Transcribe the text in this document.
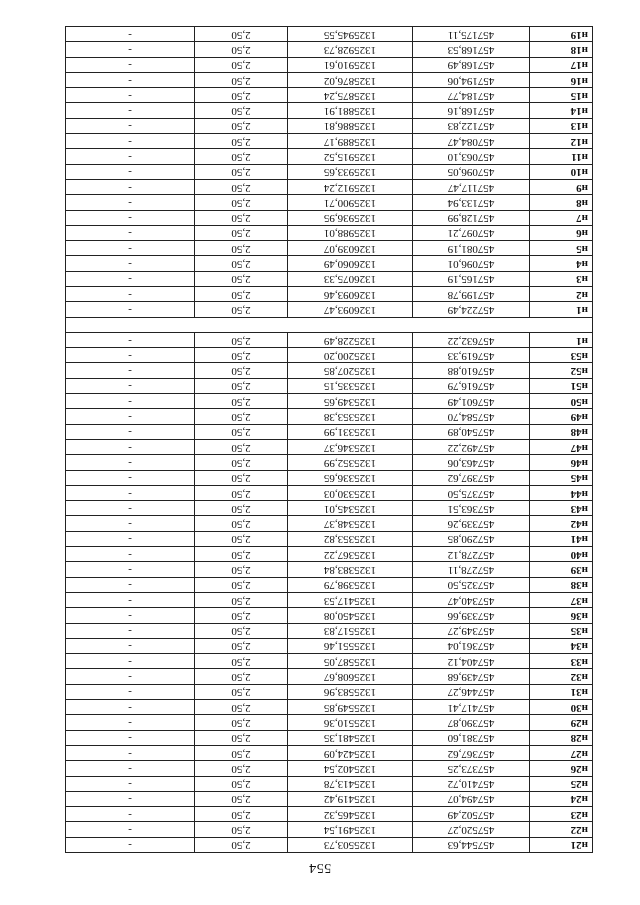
554
н21	457544,63	1325503,73	2,50	-
н22	457520,27	1325491,54	2,50	-
н23	457502,49	1325465,32	2,50	-
н24	457494,07	1325419,42	2,50	-
н25	457410,72	1325413,78	2,50	-
н26	457373,25	1325402,54	2,50	-
н27	457367,62	1325424,09	2,50	-
н28	457381,60	1325481,35	2,50	-
н29	457390,87	1325510,36	2,50	-
н30	457417,41	1325549,85	2,50	-
н31	457446,27	1325583,96	2,50	-
н32	457439,68	1325608,67	2,50	-
н33	457404,12	1325587,05	2,50	-
н34	457361,04	1325551,46	2,50	-
н35	457349,27	1325517,83	2,50	-
н36	457339,66	1325450,08	2,50	-
н37	457340,47	1325417,53	2,50	-
н38	457325,50	1325398,79	2,50	-
н39	457278,11	1325383,84	2,50	-
н40	457278,12	1325367,22	2,50	-
н41	457290,85	1325353,82	2,50	-
н42	457339,26	1325348,37	2,50	-
н43	457363,51	1325345,01	2,50	-
н44	457375,50	1325330,03	2,50	-
н45	457397,62	1325336,65	2,50	-
н46	457463,06	1325352,99	2,50	-
н47	457492,22	1325346,37	2,50	-
н48	457540,89	1325331,99	2,50	-
н49	457584,70	1325353,38	2,50	-
н50	457601,49	1325349,65	2,50	-
н51	457616,79	1325335,15	2,50	-
н52	457610,88	1325207,85	2,50	-
н53	457619,33	1325200,20	2,50	-
н1	457632,22	1325228,49	2,50	-

н1	457224,49	1326093,47	2,50	-
н2	457199,78	1326093,46	2,50	-
н3	457165,19	1326075,33	2,50	-
н4	457096,01	1326060,49	2,50	-
н5	457081,19	1326039,07	2,50	-
н6	457097,21	1325988,01	2,50	-
н7	457128,99	1325936,95	2,50	-
н8	457133,94	1325900,71	2,50	-
н9	457117,47	1325912,24	2,50	-
н10	457096,05	1325933,65	2,50	-
н11	457063,10	1325915,52	2,50	-
н12	457084,47	1325889,17	2,50	-
н13	457122,83	1325886,81	2,50	-
н14	457168,16	1325881,91	2,50	-
н15	457184,77	1325875,24	2,50	-
н16	457194,06	1325876,02	2,50	-
н17	457168,49	1325910,61	2,50	-
н18	457168,53	1325928,73	2,50	-
н19	457175,11	1325945,55	2,50	-
